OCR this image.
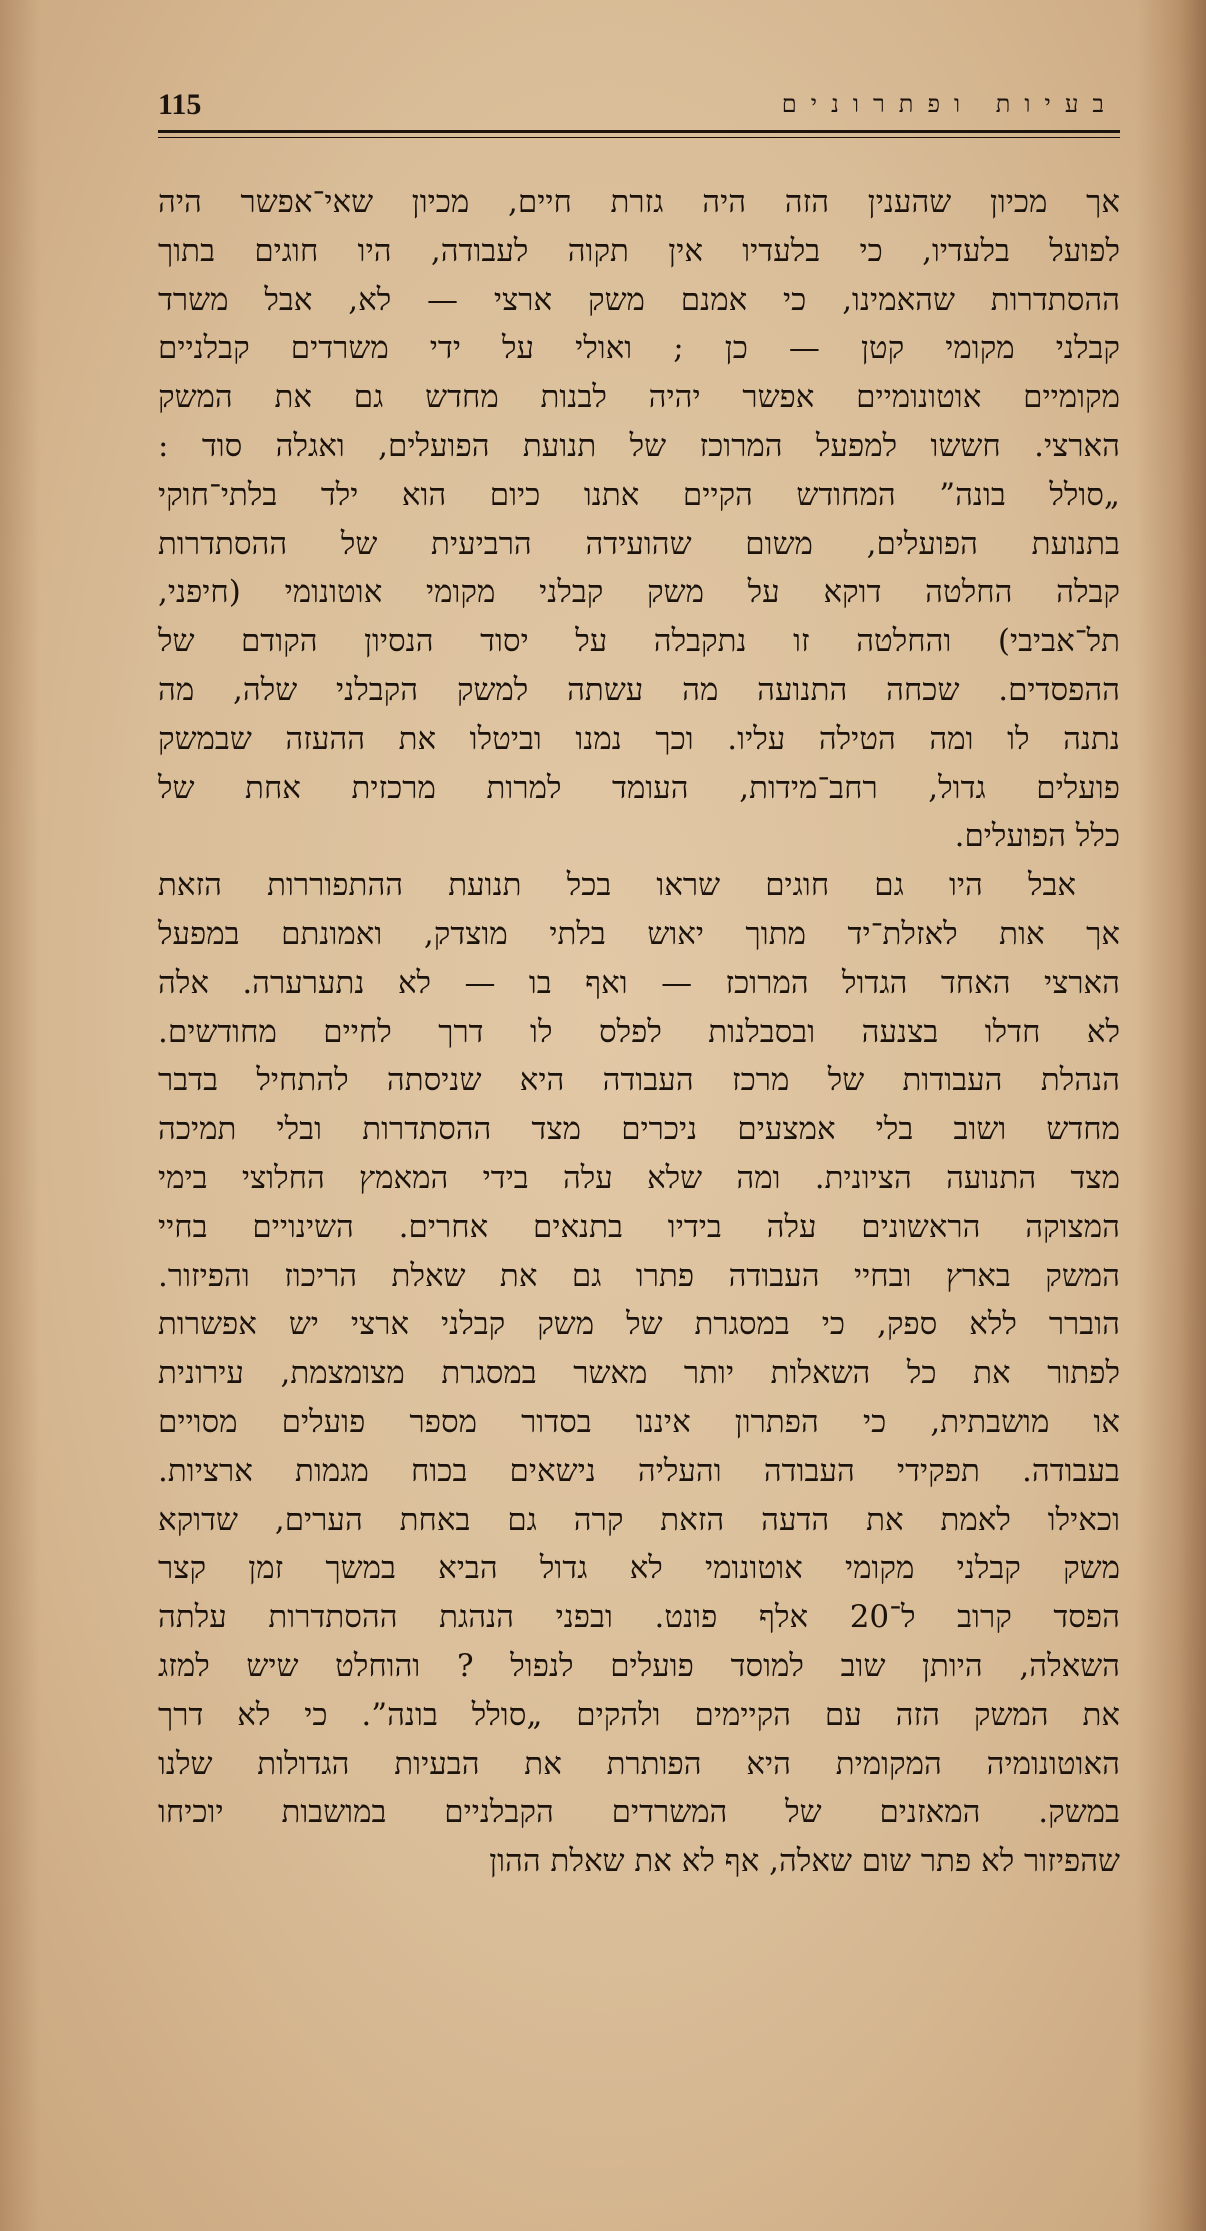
115	בעיות ופתרונים

אך מכיון שהענין הזה היה גזרת חיים, מכיון שאי־אפשר היה
לפועל בלעדיו, כי בלעדיו אין תקוה לעבודה, היו חוגים בתוך
ההסתדרות שהאמינו, כי אמנם משק ארצי — לא, אבל משרד
קבלני מקומי קטן — כן ; ואולי על ידי משרדים קבלניים
מקומיים אוטונומיים אפשר יהיה לבנות מחדש גם את המשק
הארצי. חששו למפעל המרוכז של תנועת הפועלים, ואגלה סוד :
„סולל בונה” המחודש הקיים אתנו כיום הוא ילד בלתי־חוקי
בתנועת הפועלים, משום שהועידה הרביעית של ההסתדרות
קבלה החלטה דוקא על משק קבלני מקומי אוטונומי (חיפני,
תל־אביבי) והחלטה זו נתקבלה על יסוד הנסיון הקודם של
ההפסדים. שכחה התנועה מה עשתה למשק הקבלני שלה, מה
נתנה לו ומה הטילה עליו. וכך נמנו וביטלו את ההעזה שבמשק
פועלים גדול, רחב־מידות, העומד למרות מרכזית אחת של
כלל הפועלים.

אבל היו גם חוגים שראו בכל תנועת ההתפוררות הזאת
אך אות לאזלת־יד מתוך יאוש בלתי מוצדק, ואמונתם במפעל
הארצי האחד הגדול המרוכז — ואף בו — לא נתערערה. אלה
לא חדלו בצנעה ובסבלנות לפלס לו דרך לחיים מחודשים.
הנהלת העבודות של מרכז העבודה היא שניסתה להתחיל בדבר
מחדש ושוב בלי אמצעים ניכרים מצד ההסתדרות ובלי תמיכה
מצד התנועה הציונית. ומה שלא עלה בידי המאמץ החלוצי בימי
המצוקה הראשונים עלה בידיו בתנאים אחרים. השינויים בחיי
המשק בארץ ובחיי העבודה פתרו גם את שאלת הריכוז והפיזור.
הוברר ללא ספק, כי במסגרת של משק קבלני ארצי יש אפשרות
לפתור את כל השאלות יותר מאשר במסגרת מצומצמת, עירונית
או מושבתית, כי הפתרון איננו בסדור מספר פועלים מסויים
בעבודה. תפקידי העבודה והעליה נישאים בכוח מגמות ארציות.
וכאילו לאמת את הדעה הזאת קרה גם באחת הערים, שדוקא
משק קבלני מקומי אוטונומי לא גדול הביא במשך זמן קצר
הפסד קרוב ל־20 אלף פונט. ובפני הנהגת ההסתדרות עלתה
השאלה, היותן שוב למוסד פועלים לנפול ? והוחלט שיש למזג
את המשק הזה עם הקיימים ולהקים „סולל בונה”. כי לא דרך
האוטונומיה המקומית היא הפותרת את הבעיות הגדולות שלנו
במשק. המאזנים של המשרדים הקבלניים במושבות יוכיחו
שהפיזור לא פתר שום שאלה, אף לא את שאלת ההון
